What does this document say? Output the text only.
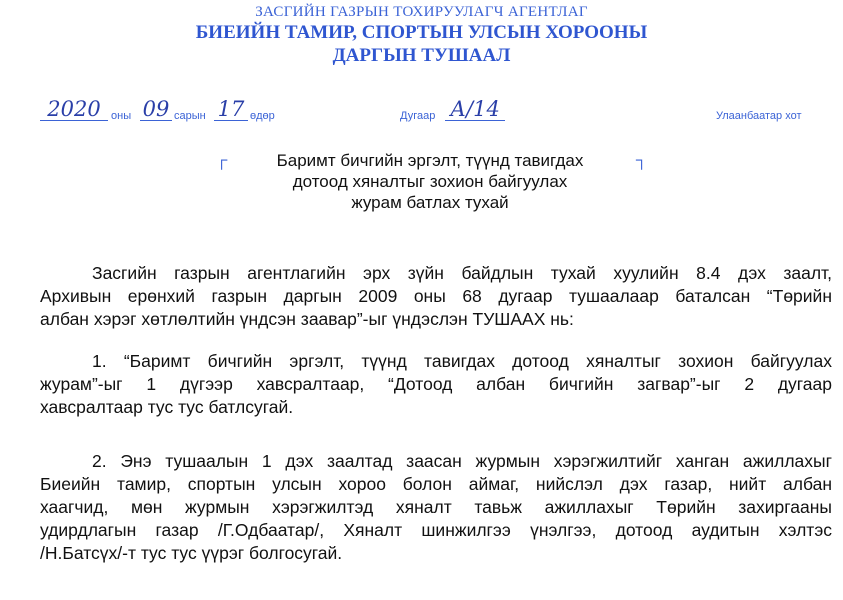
ЗАСГИЙН ГАЗРЫН ТОХИРУУЛАГЧ АГЕНТЛАГ
БИЕИЙН ТАМИР, СПОРТЫН УЛСЫН ХОРООНЫ
ДАРГЫН ТУШААЛ
2020 оны 09 сарын 17 өдөр	Дугаар А/14	Улаанбаатар хот
┌	┐
Баримт бичгийн эргэлт, түүнд тавигдах
дотоод хяналтыг зохион байгуулах
журам батлах тухай
Засгийн газрын агентлагийн эрх зүйн байдлын тухай хуулийн 8.4 дэх заалт,
Архивын ерөнхий газрын даргын 2009 оны 68 дугаар тушаалаар баталсан “Төрийн
албан хэрэг хөтлөлтийн үндсэн заавар”-ыг үндэслэн ТУШААХ нь:
1. “Баримт бичгийн эргэлт, түүнд тавигдах дотоод хяналтыг зохион байгуулах
журам”-ыг 1 дүгээр хавсралтаар, “Дотоод албан бичгийн загвар”-ыг 2 дугаар
хавсралтаар тус тус батлсугай.
2. Энэ тушаалын 1 дэх заалтад заасан журмын хэрэгжилтийг ханган ажиллахыг
Биеийн тамир, спортын улсын хороо болон аймаг, нийслэл дэх газар, нийт албан
хаагчид, мөн журмын хэрэгжилтэд хяналт тавьж ажиллахыг Төрийн захиргааны
удирдлагын газар /Г.Одбаатар/, Хяналт шинжилгээ үнэлгээ, дотоод аудитын хэлтэс
/Н.Батсүх/-т тус тус үүрэг болгосугай.
